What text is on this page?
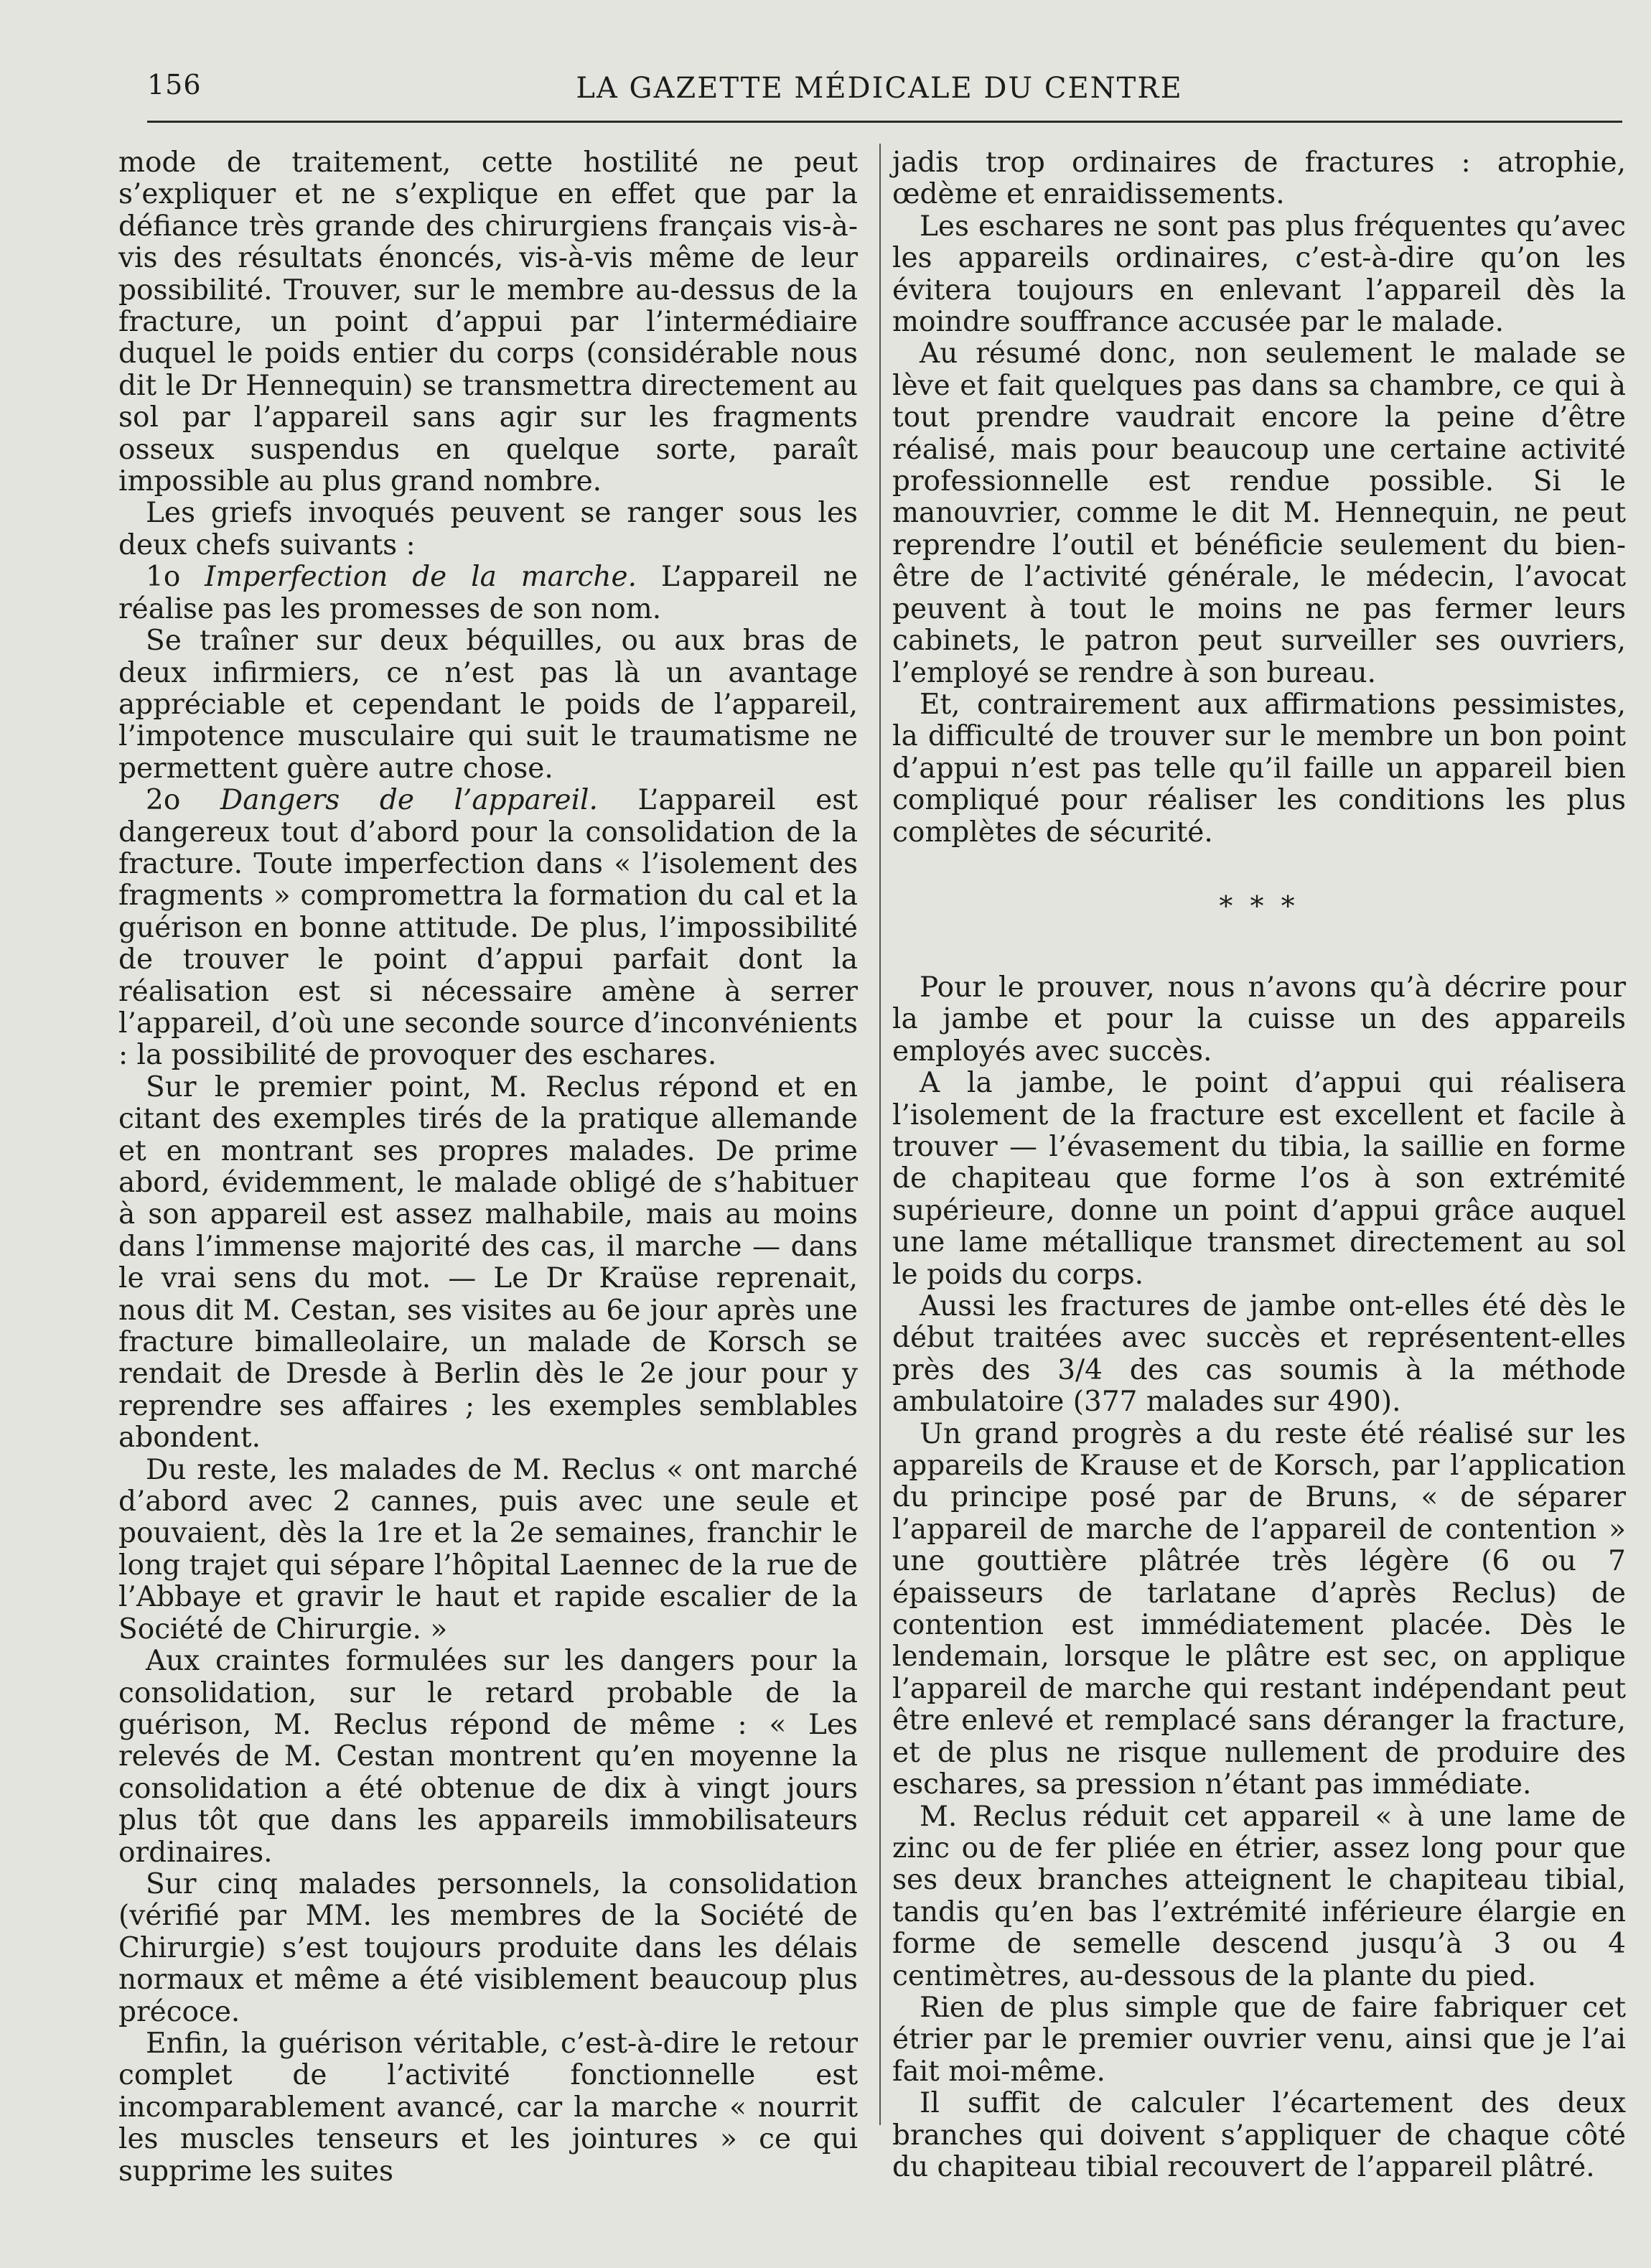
156	LA GAZETTE MÉDICALE DU CENTRE

mode de traitement, cette hostilité ne peut s’expliquer et ne s’explique en effet que par la défiance très grande des chirurgiens français vis-à-vis des résultats énoncés, vis-à-vis même de leur possibilité. Trouver, sur le membre au-dessus de la fracture, un point d’appui par l’intermédiaire duquel le poids entier du corps (considérable nous dit le Dr Hennequin) se transmettra directement au sol par l’appareil sans agir sur les fragments osseux suspendus en quelque sorte, paraît impossible au plus grand nombre.

Les griefs invoqués peuvent se ranger sous les deux chefs suivants :

1o Imperfection de la marche. L’appareil ne réalise pas les promesses de son nom.

Se traîner sur deux béquilles, ou aux bras de deux infirmiers, ce n’est pas là un avantage appréciable et cependant le poids de l’appareil, l’impotence musculaire qui suit le traumatisme ne permettent guère autre chose.

2o Dangers de l’appareil. L’appareil est dangereux tout d’abord pour la consolidation de la fracture. Toute imperfection dans « l’isolement des fragments » compromettra la formation du cal et la guérison en bonne attitude. De plus, l’impossibilité de trouver le point d’appui parfait dont la réalisation est si nécessaire amène à serrer l’appareil, d’où une seconde source d’inconvénients : la possibilité de provoquer des eschares.

Sur le premier point, M. Reclus répond et en citant des exemples tirés de la pratique allemande et en montrant ses propres malades. De prime abord, évidemment, le malade obligé de s’habituer à son appareil est assez malhabile, mais au moins dans l’immense majorité des cas, il marche — dans le vrai sens du mot. — Le Dr Kraüse reprenait, nous dit M. Cestan, ses visites au 6e jour après une fracture bimalleolaire, un malade de Korsch se rendait de Dresde à Berlin dès le 2e jour pour y reprendre ses affaires ; les exemples semblables abondent.

Du reste, les malades de M. Reclus « ont marché d’abord avec 2 cannes, puis avec une seule et pouvaient, dès la 1re et la 2e semaines, franchir le long trajet qui sépare l’hôpital Laennec de la rue de l’Abbaye et gravir le haut et rapide escalier de la Société de Chirurgie. »

Aux craintes formulées sur les dangers pour la consolidation, sur le retard probable de la guérison, M. Reclus répond de même : « Les relevés de M. Cestan montrent qu’en moyenne la consolidation a été obtenue de dix à vingt jours plus tôt que dans les appareils immobilisateurs ordinaires.

Sur cinq malades personnels, la consolidation (vérifié par MM. les membres de la Société de Chirurgie) s’est toujours produite dans les délais normaux et même a été visiblement beaucoup plus précoce.

Enfin, la guérison véritable, c’est-à-dire le retour complet de l’activité fonctionnelle est incomparablement avancé, car la marche « nourrit les muscles tenseurs et les jointures » ce qui supprime les suites

jadis trop ordinaires de fractures : atrophie, œdème et enraidissements.

Les eschares ne sont pas plus fréquentes qu’avec les appareils ordinaires, c’est-à-dire qu’on les évitera toujours en enlevant l’appareil dès la moindre souffrance accusée par le malade.

Au résumé donc, non seulement le malade se lève et fait quelques pas dans sa chambre, ce qui à tout prendre vaudrait encore la peine d’être réalisé, mais pour beaucoup une certaine activité professionnelle est rendue possible. Si le manouvrier, comme le dit M. Hennequin, ne peut reprendre l’outil et bénéficie seulement du bien-être de l’activité générale, le médecin, l’avocat peuvent à tout le moins ne pas fermer leurs cabinets, le patron peut surveiller ses ouvriers, l’employé se rendre à son bureau.

Et, contrairement aux affirmations pessimistes, la difficulté de trouver sur le membre un bon point d’appui n’est pas telle qu’il faille un appareil bien compliqué pour réaliser les conditions les plus complètes de sécurité.

* * *

Pour le prouver, nous n’avons qu’à décrire pour la jambe et pour la cuisse un des appareils employés avec succès.

A la jambe, le point d’appui qui réalisera l’isolement de la fracture est excellent et facile à trouver — l’évasement du tibia, la saillie en forme de chapiteau que forme l’os à son extrémité supérieure, donne un point d’appui grâce auquel une lame métallique transmet directement au sol le poids du corps.

Aussi les fractures de jambe ont-elles été dès le début traitées avec succès et représentent-elles près des 3/4 des cas soumis à la méthode ambulatoire (377 malades sur 490).

Un grand progrès a du reste été réalisé sur les appareils de Krause et de Korsch, par l’application du principe posé par de Bruns, « de séparer l’appareil de marche de l’appareil de contention » une gouttière plâtrée très légère (6 ou 7 épaisseurs de tarlatane d’après Reclus) de contention est immédiatement placée. Dès le lendemain, lorsque le plâtre est sec, on applique l’appareil de marche qui restant indépendant peut être enlevé et remplacé sans déranger la fracture, et de plus ne risque nullement de produire des eschares, sa pression n’étant pas immédiate.

M. Reclus réduit cet appareil « à une lame de zinc ou de fer pliée en étrier, assez long pour que ses deux branches atteignent le chapiteau tibial, tandis qu’en bas l’extrémité inférieure élargie en forme de semelle descend jusqu’à 3 ou 4 centimètres, au-dessous de la plante du pied.

Rien de plus simple que de faire fabriquer cet étrier par le premier ouvrier venu, ainsi que je l’ai fait moi-même.

Il suffit de calculer l’écartement des deux branches qui doivent s’appliquer de chaque côté du chapiteau tibial recouvert de l’appareil plâtré.
